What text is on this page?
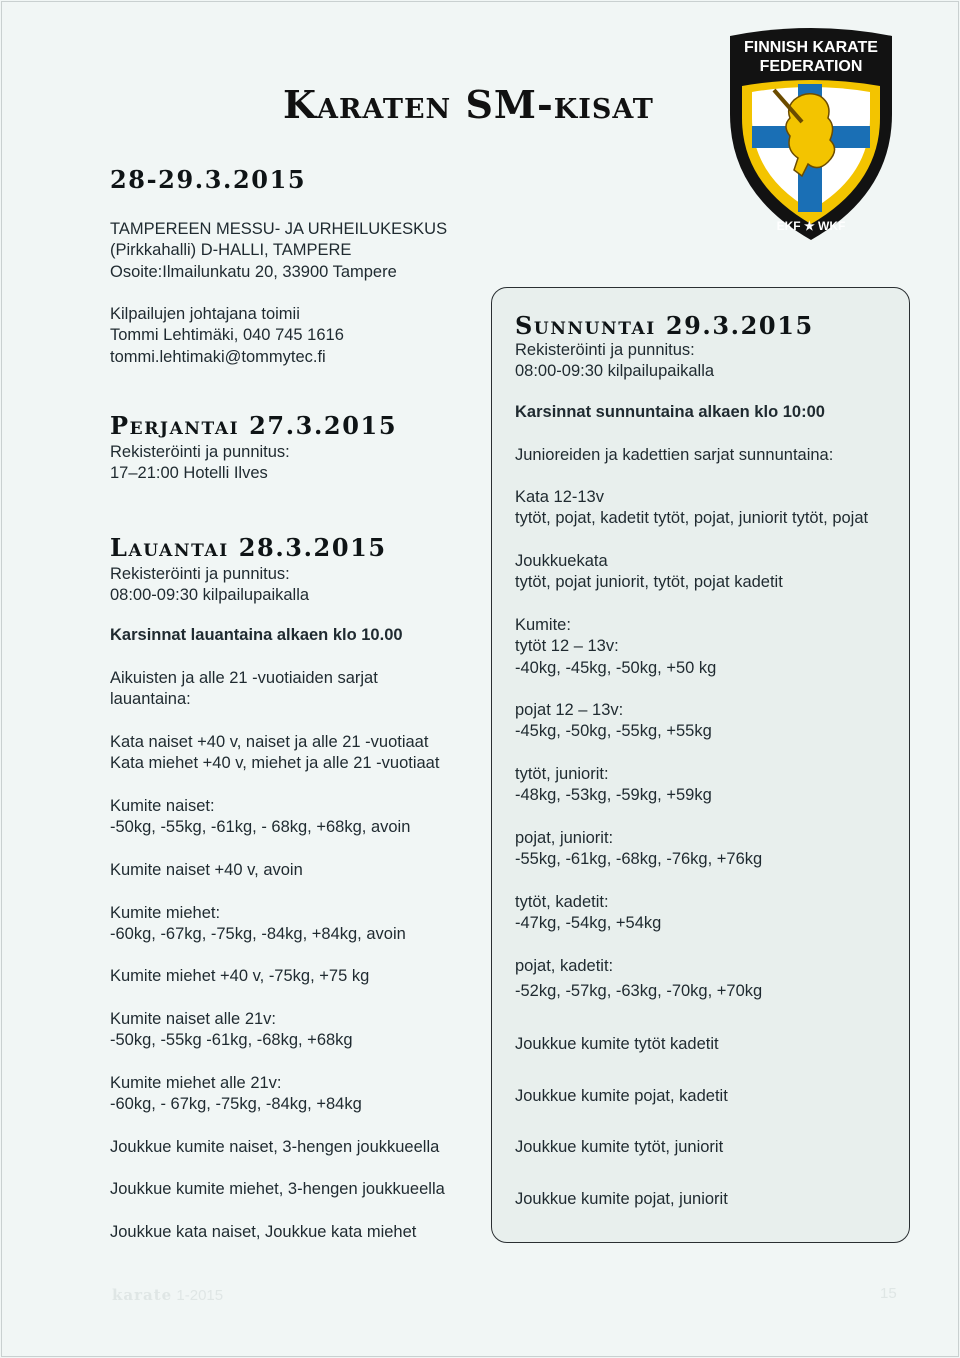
Karaten SM-kisat
FINNISH KARATE
FEDERATION
EKF ★ WKF
28-29.3.2015
TAMPEREEN MESSU- JA URHEILUKESKUS
(Pirkkahalli) D-HALLI, TAMPERE
Osoite:Ilmailunkatu 20, 33900 Tampere
Kilpailujen johtajana toimii
Tommi Lehtimäki, 040 745 1616
tommi.lehtimaki@tommytec.fi
Perjantai 27.3.2015
Rekisteröinti ja punnitus:
17–21:00 Hotelli Ilves
Lauantai 28.3.2015
Rekisteröinti ja punnitus:
08:00-09:30 kilpailupaikalla
Karsinnat lauantaina alkaen klo 10.00
Aikuisten ja alle 21 -vuotiaiden sarjat
lauantaina:
Kata naiset +40 v, naiset ja alle 21 -vuotiaat
Kata miehet +40 v, miehet ja alle 21 -vuotiaat
Kumite naiset:
-50kg, -55kg, -61kg, - 68kg, +68kg, avoin
Kumite naiset +40 v, avoin
Kumite miehet:
-60kg, -67kg, -75kg, -84kg, +84kg, avoin
Kumite miehet +40 v, -75kg, +75 kg
Kumite naiset alle 21v:
-50kg, -55kg -61kg, -68kg, +68kg
Kumite miehet alle 21v:
-60kg, - 67kg, -75kg, -84kg, +84kg
Joukkue kumite naiset, 3-hengen joukkueella
Joukkue kumite miehet, 3-hengen joukkueella
Joukkue kata naiset, Joukkue kata miehet
Sunnuntai 29.3.2015
Rekisteröinti ja punnitus:
08:00-09:30 kilpailupaikalla
Karsinnat sunnuntaina alkaen klo 10:00
Junioreiden ja kadettien sarjat sunnuntaina:
Kata 12-13v
tytöt, pojat, kadetit tytöt, pojat, juniorit tytöt, pojat
Joukkuekata
tytöt, pojat juniorit, tytöt, pojat kadetit
Kumite:
tytöt 12 – 13v:
-40kg, -45kg, -50kg, +50 kg
pojat 12 – 13v:
-45kg, -50kg, -55kg, +55kg
tytöt, juniorit:
-48kg, -53kg, -59kg, +59kg
pojat, juniorit:
-55kg, -61kg, -68kg, -76kg, +76kg
tytöt, kadetit:
-47kg, -54kg, +54kg
pojat, kadetit:
-52kg, -57kg, -63kg, -70kg, +70kg
Joukkue kumite tytöt kadetit
Joukkue kumite pojat, kadetit
Joukkue kumite tytöt, juniorit
Joukkue kumite pojat, juniorit
karate 1-2015	15
